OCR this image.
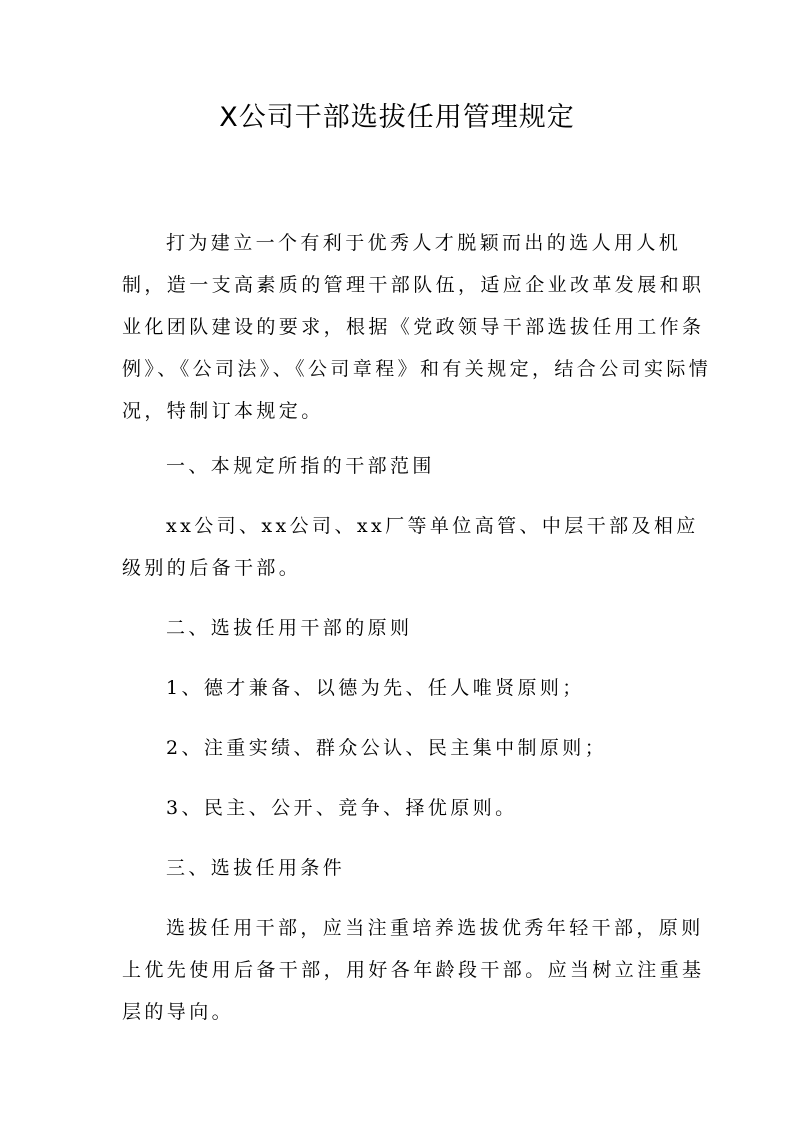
X公司干部选拔任用管理规定
打为建立一个有利于优秀人才脱颖而出的选人用人机
制，造一支高素质的管理干部队伍，适应企业改革发展和职
业化团队建设的要求，根据《党政领导干部选拔任用工作条
例》、《公司法》、《公司章程》和有关规定，结合公司实际情
况，特制订本规定。
一、本规定所指的干部范围
xx公司、xx公司、xx厂等单位高管、中层干部及相应
级别的后备干部。
二、选拔任用干部的原则
1、德才兼备、以德为先、任人唯贤原则；
2、注重实绩、群众公认、民主集中制原则；
3、民主、公开、竞争、择优原则。
三、选拔任用条件
选拔任用干部，应当注重培养选拔优秀年轻干部，原则
上优先使用后备干部，用好各年龄段干部。应当树立注重基
层的导向。
